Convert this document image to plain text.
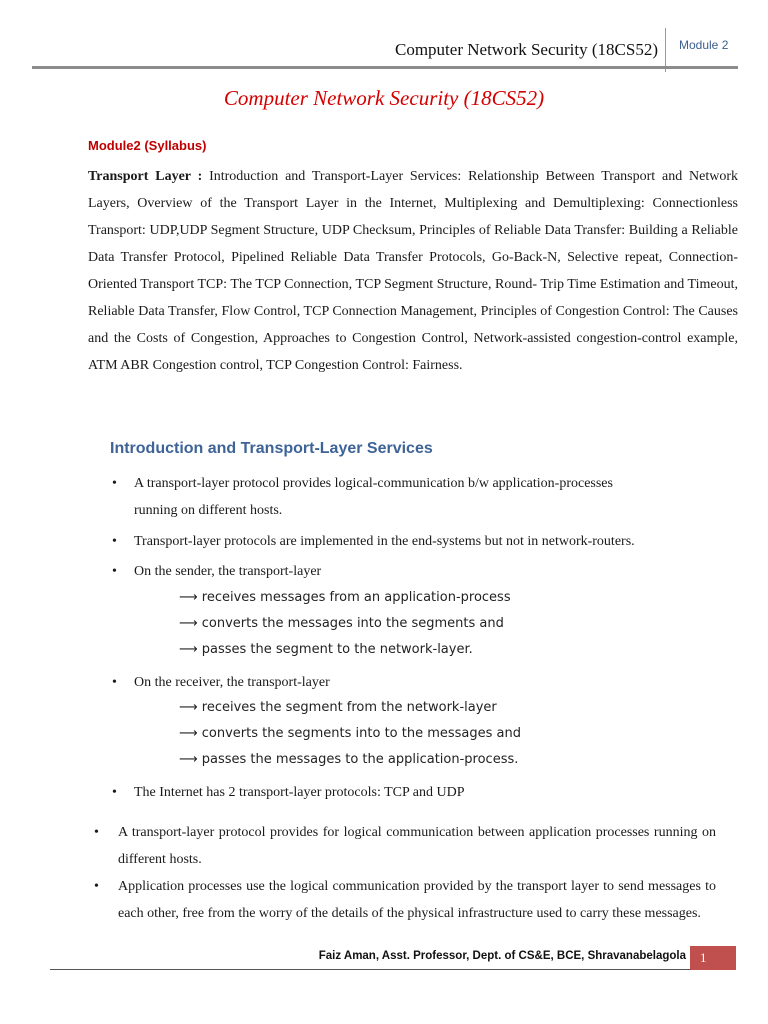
Computer Network Security (18CS52) Module 2
Computer Network Security (18CS52)
Module2 (Syllabus)
Transport Layer : Introduction and Transport-Layer Services: Relationship Between Transport and Network Layers, Overview of the Transport Layer in the Internet, Multiplexing and Demultiplexing: Connectionless Transport: UDP,UDP Segment Structure, UDP Checksum, Principles of Reliable Data Transfer: Building a Reliable Data Transfer Protocol, Pipelined Reliable Data Transfer Protocols, Go-Back-N, Selective repeat, Connection-Oriented Transport TCP: The TCP Connection, TCP Segment Structure, Round- Trip Time Estimation and Timeout, Reliable Data Transfer, Flow Control, TCP Connection Management, Principles of Congestion Control: The Causes and the Costs of Congestion, Approaches to Congestion Control, Network-assisted congestion-control example, ATM ABR Congestion control, TCP Congestion Control: Fairness.
Introduction and Transport-Layer Services
• A transport-layer protocol provides logical-communication b/w application-processes
running on different hosts.
• Transport-layer protocols are implemented in the end-systems but not in network-routers.
• On the sender, the transport-layer
⟶ receives messages from an application-process
⟶ converts the messages into the segments and
⟶ passes the segment to the network-layer.
• On the receiver, the transport-layer
⟶ receives the segment from the network-layer
⟶ converts the segments into to the messages and
⟶ passes the messages to the application-process.
• The Internet has 2 transport-layer protocols: TCP and UDP
• A transport-layer protocol provides for logical communication between application processes running on different hosts.
• Application processes use the logical communication provided by the transport layer to send messages to each other, free from the worry of the details of the physical infrastructure used to carry these messages.
Faiz Aman, Asst. Professor, Dept. of CS&E, BCE, Shravanabelagola	1
